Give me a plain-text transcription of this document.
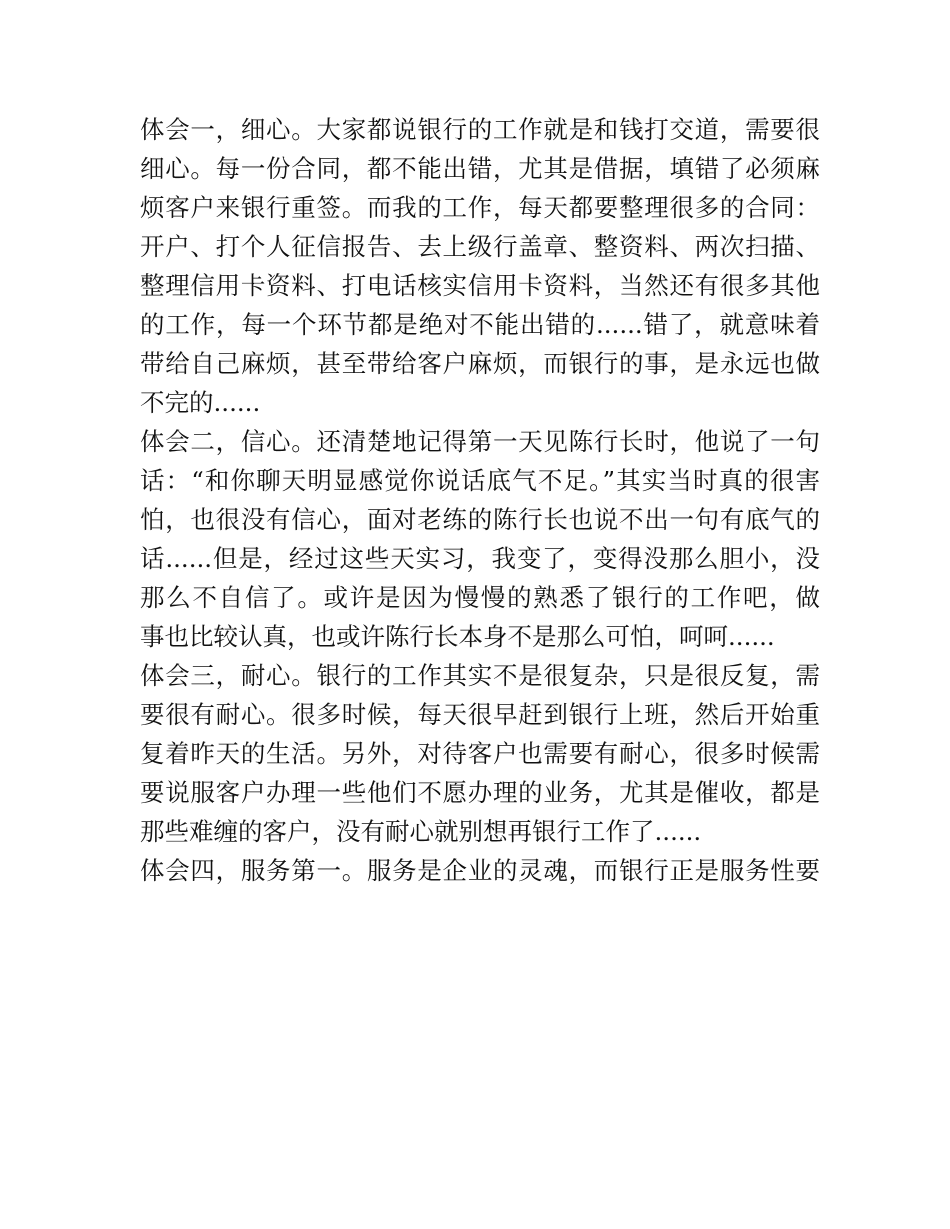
体会一，细心。大家都说银行的工作就是和钱打交道，需要很
细心。每一份合同，都不能出错，尤其是借据，填错了必须麻
烦客户来银行重签。而我的工作，每天都要整理很多的合同：
开户、打个人征信报告、去上级行盖章、整资料、两次扫描、
整理信用卡资料、打电话核实信用卡资料，当然还有很多其他
的工作，每一个环节都是绝对不能出错的......错了，就意味着
带给自己麻烦，甚至带给客户麻烦，而银行的事，是永远也做
不完的......
体会二，信心。还清楚地记得第一天见陈行长时，他说了一句
话：“和你聊天明显感觉你说话底气不足。”其实当时真的很害
怕，也很没有信心，面对老练的陈行长也说不出一句有底气的
话......但是，经过这些天实习，我变了，变得没那么胆小，没
那么不自信了。或许是因为慢慢的熟悉了银行的工作吧，做
事也比较认真，也或许陈行长本身不是那么可怕，呵呵......
体会三，耐心。银行的工作其实不是很复杂，只是很反复，需
要很有耐心。很多时候，每天很早赶到银行上班，然后开始重
复着昨天的生活。另外，对待客户也需要有耐心，很多时候需
要说服客户办理一些他们不愿办理的业务，尤其是催收，都是
那些难缠的客户，没有耐心就别想再银行工作了......
体会四，服务第一。服务是企业的灵魂，而银行正是服务性要
